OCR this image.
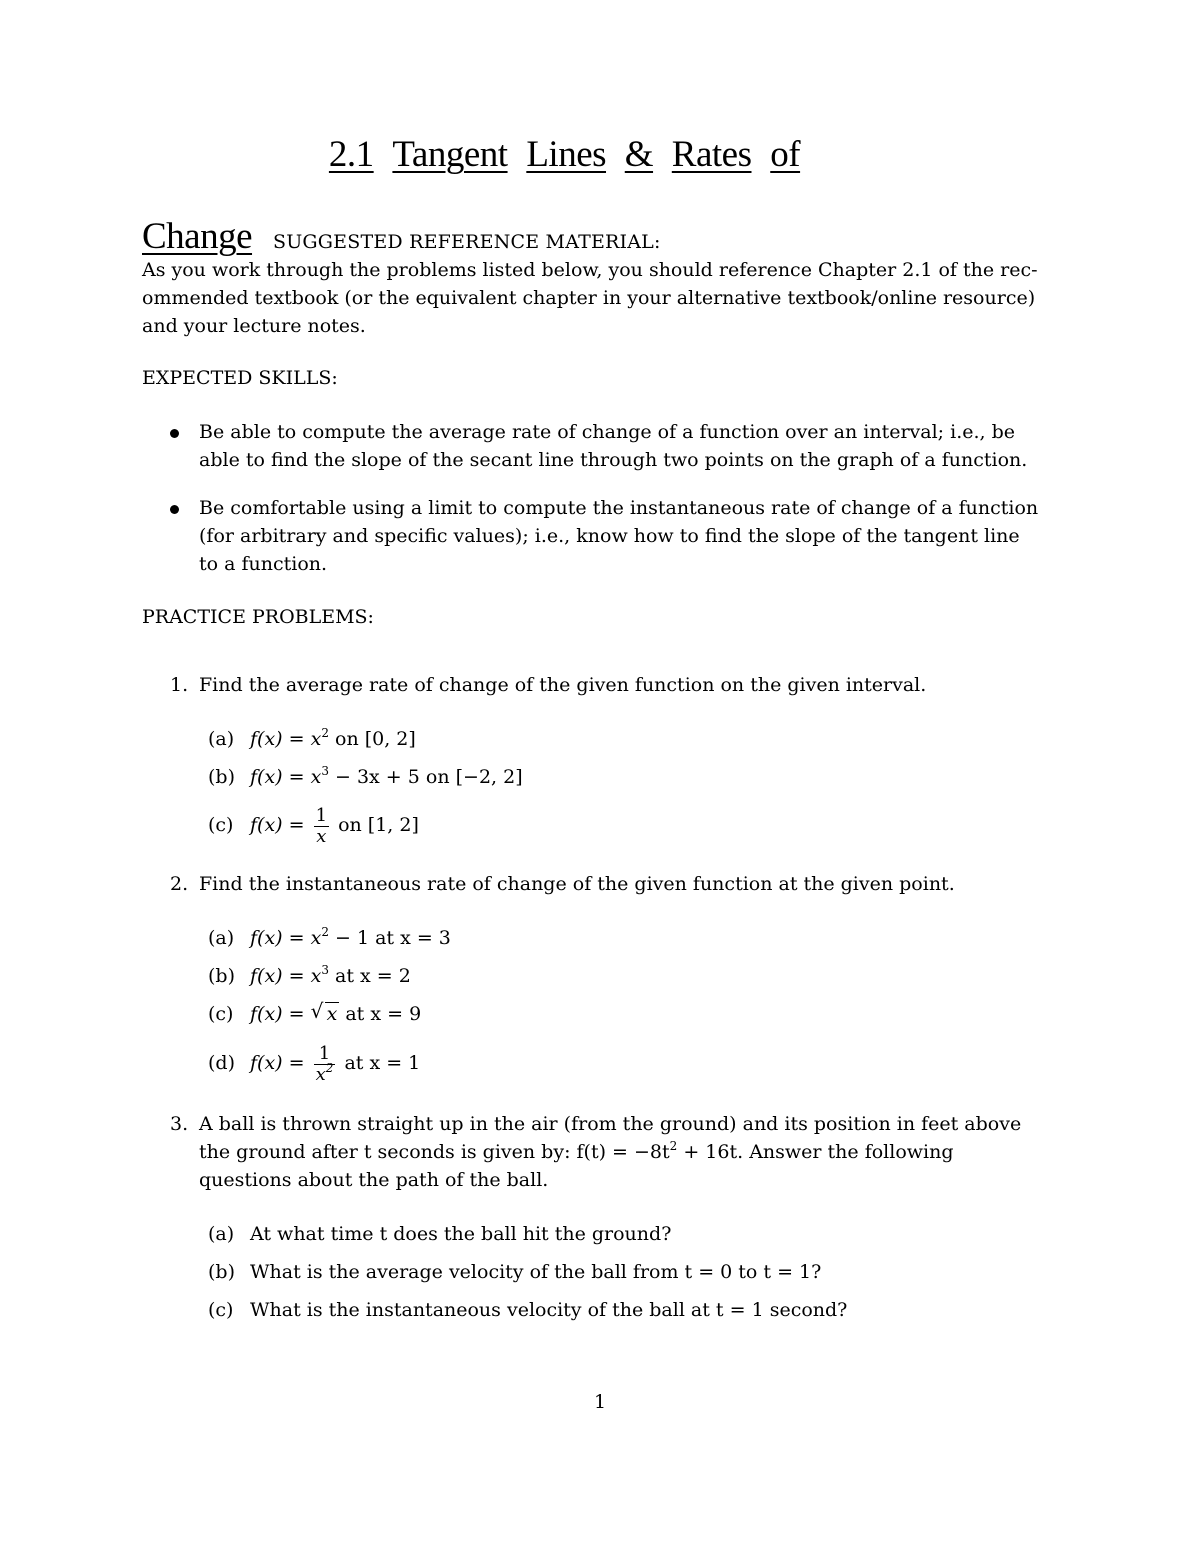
2.1 Tangent Lines & Rates of
Change SUGGESTED REFERENCE MATERIAL:
As you work through the problems listed below, you should reference Chapter 2.1 of the rec-
ommended textbook (or the equivalent chapter in your alternative textbook/online resource)
and your lecture notes.
EXPECTED SKILLS:
Be able to compute the average rate of change of a function over an interval; i.e., be
able to find the slope of the secant line through two points on the graph of a function.
Be comfortable using a limit to compute the instantaneous rate of change of a function
(for arbitrary and specific values); i.e., know how to find the slope of the tangent line
to a function.
PRACTICE PROBLEMS:
1. Find the average rate of change of the given function on the given interval.
(a) $f(x) = x^2$ on [0, 2]
(b) $f(x) = x^3 - 3x + 5$ on [−2, 2]
(c) $f(x) = \frac{1}{x}$ on [1, 2]
2. Find the instantaneous rate of change of the given function at the given point.
(a) $f(x) = x^2 - 1$ at x = 3
(b) $f(x) = x^3$ at x = 2
(c) f(x) = √ x at x = 9
(d) $f(x) = \frac{1}{x^2}$ at x = 1
3. A ball is thrown straight up in the air (from the ground) and its position in feet above
the ground after t seconds is given by: $f(t) = -8t^2 + 16t$. Answer the following
questions about the path of the ball.
(a) At what time t does the ball hit the ground?
(b) What is the average velocity of the ball from t = 0 to t = 1?
(c) What is the instantaneous velocity of the ball at t = 1 second?
1
